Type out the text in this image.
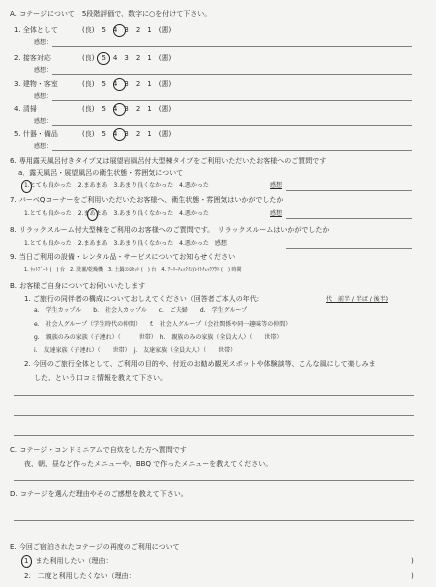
A. コテージについて　5段階評価で、数字に○を付けて下さい。
1. 全体として	(良)　5　4　3　2　1　(悪)
感想：
2. 接客対応	(良)　5　4　3　2　1　(悪)
感想：
3. 建物・客室	(良)　5　4　3　2　1　(悪)
感想：
4. 清掃	(良)　5　4　3　2　1　(悪)
感想：
5. 什器・備品	(良)　5　4　3　2　1　(悪)
感想：
6. 専用露天風呂付きタイプ又は展望岩風呂付大型棟タイプをご利用いただいたお客様へのご質問です
a．露天風呂・展望風呂の衛生状態・雰囲気について
1.とても良かった　2.まあまあ　3.あまり良くなかった　4.悪かった	感想
7. バーベQコーナーをご利用いただいたお客様へ、衛生状態・雰囲気はいかがでしたか
1.とても良かった　2.まあまあ　3.あまり良くなかった　4.悪かった	感想
8. リラックスルーム付大型棟をご利用のお客様へのご質問です。　リラックスルームはいかがでしたか
1.とても良かった　2.まあまあ　3.あまり良くなかった　4.悪かった　感想
9. 当日ご利用の設備・レンタル品・サービスについてお知らせください
1. ﾈｯﾄﾌﾞｰﾄ (　) 台　2. 洗濯/乾燥機　3. 土鍋ｺﾝﾛｾｯﾄ (　) 台　4. ｱｰﾘｰﾁｪｯｸｲﾝ/ﾚｲﾄﾁｪｯｸｱｳﾄ (　) 時間
B. お客様ご自身についてお伺いいたします
1. ご旅行の同伴者の構成についておしえてください（回答者ご本人の年代:	代　前半 / 半ば / 後半)
a.　学生カップル　　b.　社会人カップル　　c.　ご夫婦　　d.　学生グループ
e.　社会人グループ（学生時代の仲間）　　f.　社会人グループ（会社関係や同一趣味等の仲間）
g.　親族のみの家族（子連れ）（　　　世帯）　h.　親族のみの家族（全員大人）（　　世帯）
i.　友達家族（子連れ）（　　世帯）　j.　友達家族（全員大人）（　　世帯）
2. 今回のご旅行全体として、ご利用の目的や、付近のお勧め観光スポットや体験談等、こんな風にして楽しみま
した、という口コミ情報を教えて下さい。
C. コテージ・コンドミニアムで自炊をした方へ質問です
夜、朝、昼など作ったメニューや、BBQ で作ったメニューを教えてください。
D. コテージを選んだ理由やそのご感想を教えて下さい。
E. 今回ご宿泊されたコテージの再度のご利用について
1　また利用したい（理由：	)
2.　二度と利用したくない（理由：	)
